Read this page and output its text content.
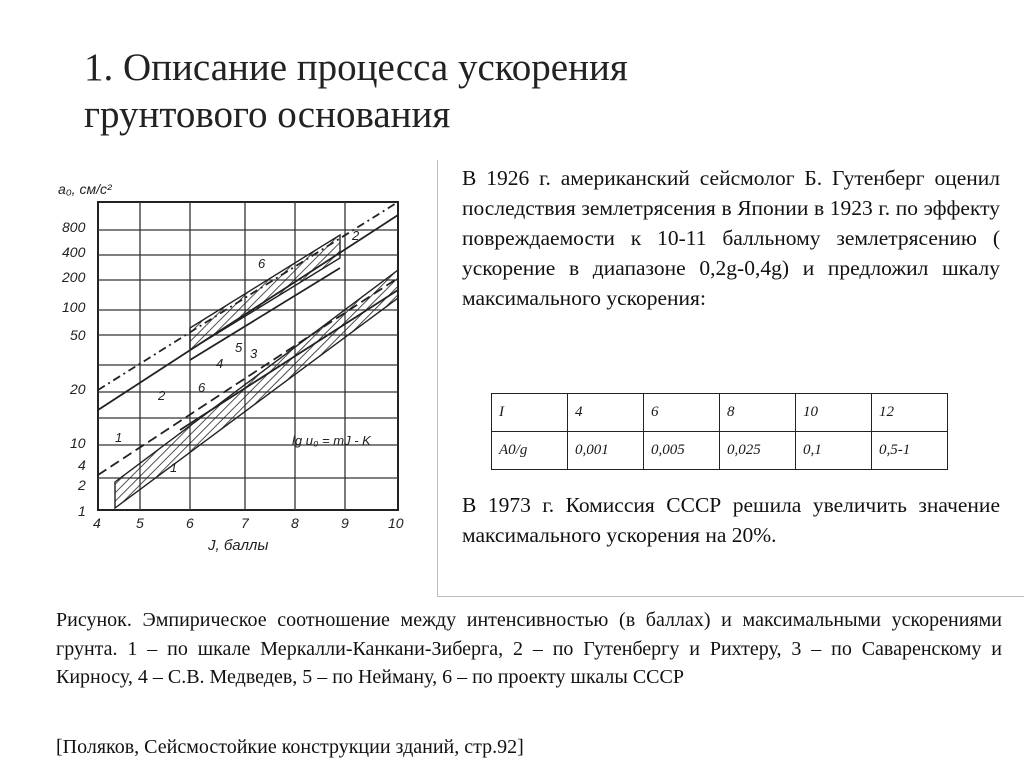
1. Описание процесса ускорения
грунтового основания
a₀, см/с²
800
400
200
100
50
20
10
4
2
1
4	5	6	7	8	9	10
J, баллы
1
1
2
2
3
4
5
6
6
lg u₀ = mJ - K
В 1926 г. американский сейсмолог Б. Гутенберг оценил последствия землетрясения в Японии в 1923 г. по эффекту повреждаемости к 10-11 балльному землетрясению ( ускорение в диапазоне 0,2g-0,4g) и предложил шкалу максимального ускорения:
I	4	6	8	10	12
A0/g	0,001	0,005	0,025	0,1	0,5-1
В 1973 г. Комиссия СССР решила увеличить значение максимального ускорения на 20%.
Рисунок. Эмпирическое соотношение между интенсивностью (в баллах) и максимальными ускорениями грунта. 1 – по шкале Меркалли-Канкани-Зиберга, 2 – по Гутенбергу и Рихтеру, 3 – по Саваренскому и Кирносу, 4 – С.В. Медведев, 5 – по Нейману, 6 – по проекту шкалы СССР
[Поляков, Сейсмостойкие конструкции зданий, стр.92]
